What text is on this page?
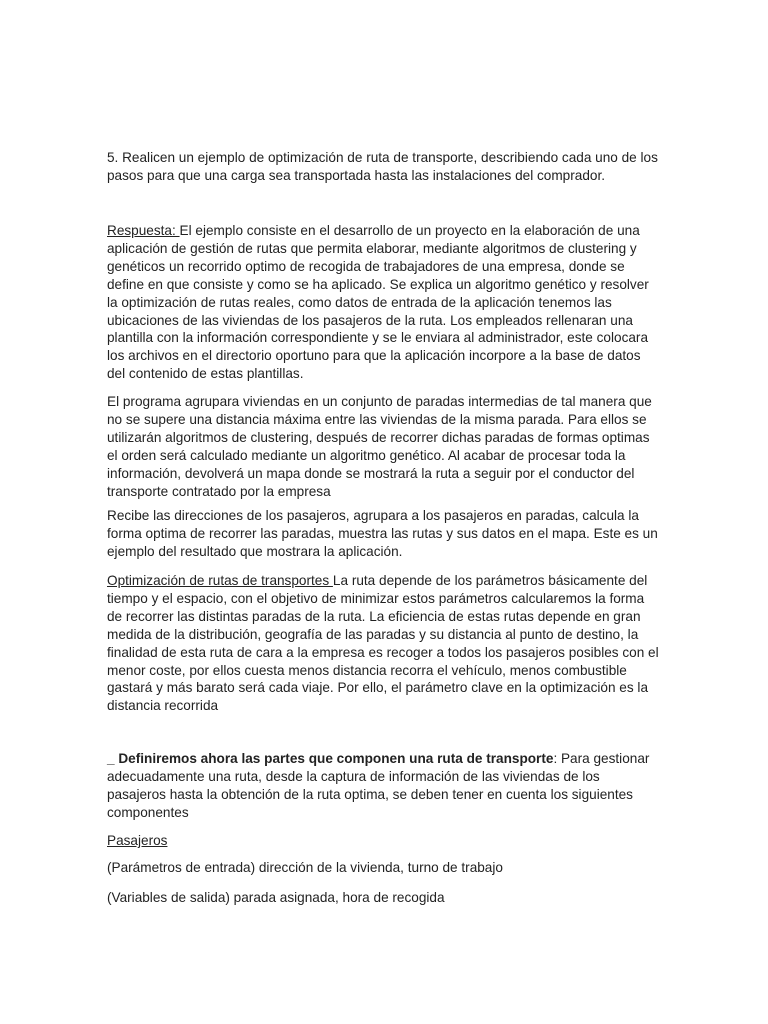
5. Realicen un ejemplo de optimización de ruta de transporte, describiendo cada uno de los pasos para que una carga sea transportada hasta las instalaciones del comprador.

Respuesta: El ejemplo consiste en el desarrollo de un proyecto en la elaboración de una aplicación de gestión de rutas que permita elaborar, mediante algoritmos de clustering y genéticos un recorrido optimo de recogida de trabajadores de una empresa, donde se define en que consiste y como se ha aplicado. Se explica un algoritmo genético y resolver la optimización de rutas reales, como datos de entrada de la aplicación tenemos las ubicaciones de las viviendas de los pasajeros de la ruta. Los empleados rellenaran una plantilla con la información correspondiente y se le enviara al administrador, este colocara los archivos en el directorio oportuno para que la aplicación incorpore a la base de datos del contenido de estas plantillas.

El programa agrupara viviendas en un conjunto de paradas intermedias de tal manera que no se supere una distancia máxima entre las viviendas de la misma parada. Para ellos se utilizarán algoritmos de clustering, después de recorrer dichas paradas de formas optimas el orden será calculado mediante un algoritmo genético. Al acabar de procesar toda la información, devolverá un mapa donde se mostrará la ruta a seguir por el conductor del transporte contratado por la empresa

Recibe las direcciones de los pasajeros, agrupara a los pasajeros en paradas, calcula la forma optima de recorrer las paradas, muestra las rutas y sus datos en el mapa. Este es un ejemplo del resultado que mostrara la aplicación.

Optimización de rutas de transportes La ruta depende de los parámetros básicamente del tiempo y el espacio, con el objetivo de minimizar estos parámetros calcularemos la forma de recorrer las distintas paradas de la ruta. La eficiencia de estas rutas depende en gran medida de la distribución, geografía de las paradas y su distancia al punto de destino, la finalidad de esta ruta de cara a la empresa es recoger a todos los pasajeros posibles con el menor coste, por ellos cuesta menos distancia recorra el vehículo, menos combustible gastará y más barato será cada viaje. Por ello, el parámetro clave en la optimización es la distancia recorrida

_ Definiremos ahora las partes que componen una ruta de transporte: Para gestionar adecuadamente una ruta, desde la captura de información de las viviendas de los pasajeros hasta la obtención de la ruta optima, se deben tener en cuenta los siguientes componentes

Pasajeros

(Parámetros de entrada) dirección de la vivienda, turno de trabajo

(Variables de salida) parada asignada, hora de recogida
